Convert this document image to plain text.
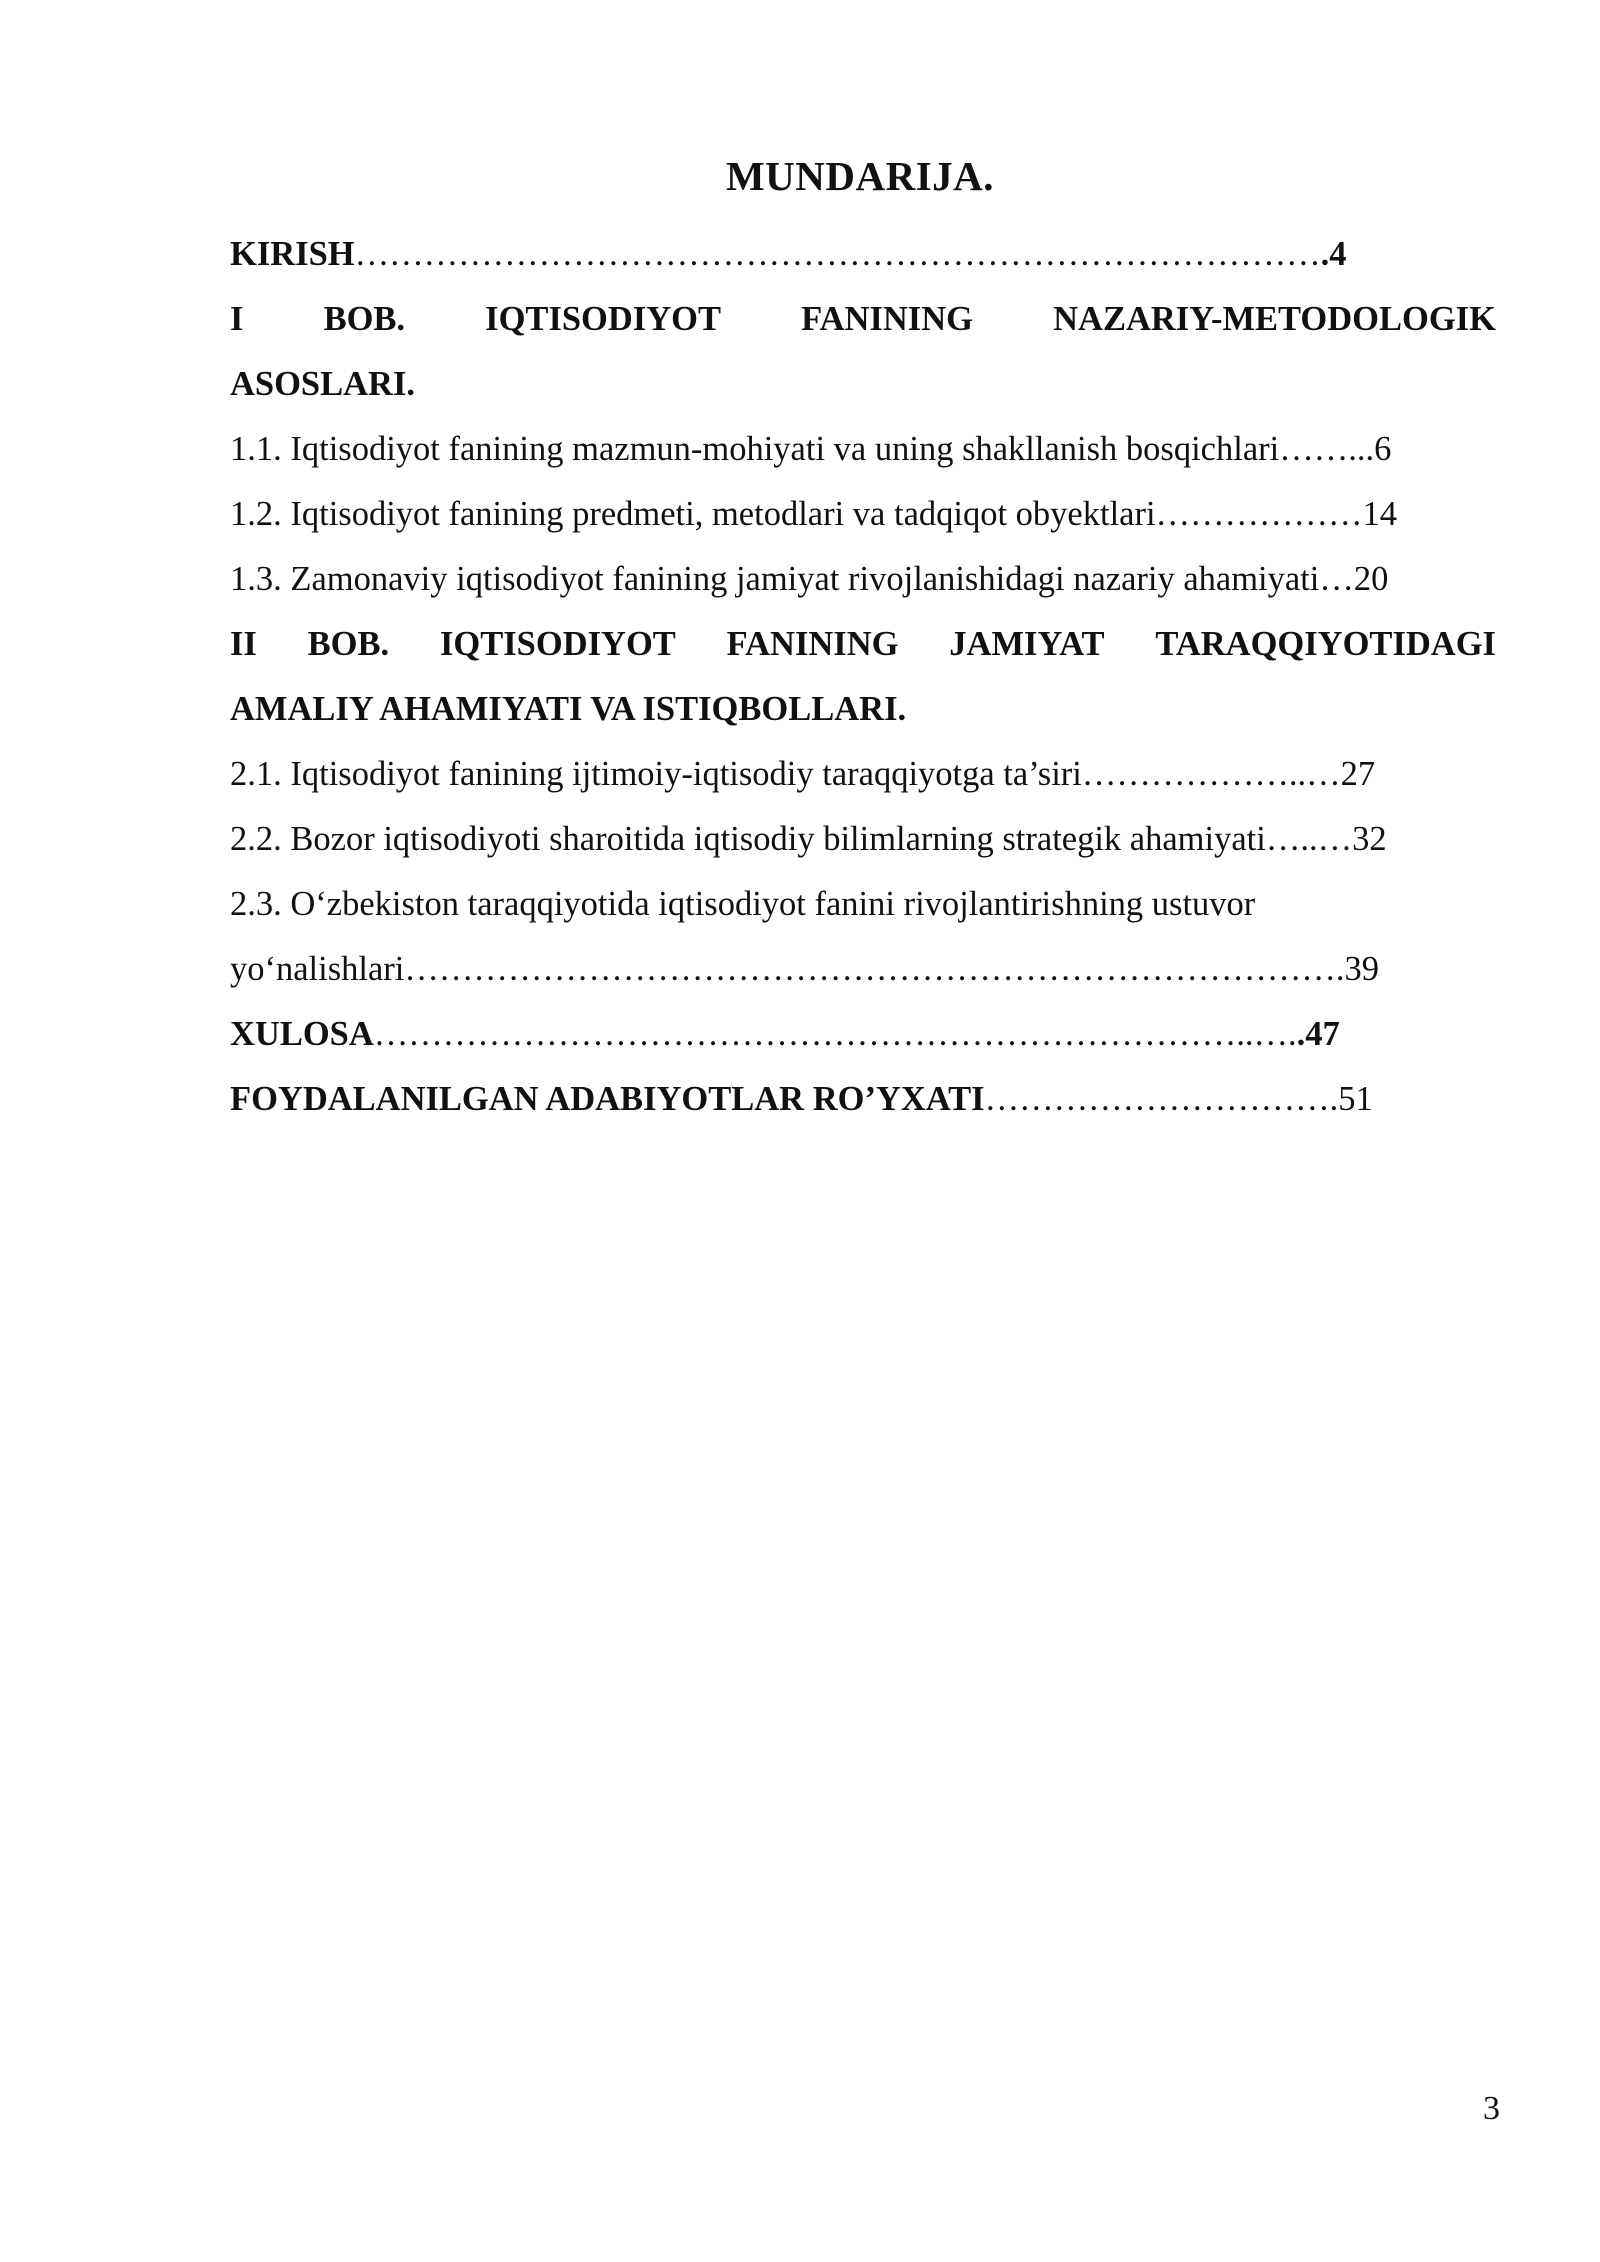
MUNDARIJA.
KIRISH………………………………………………………………………….4
I BOB. IQTISODIYOT FANINING NAZARIY-METODOLOGIK
ASOSLARI.
1.1. Iqtisodiyot fanining mazmun-mohiyati va uning shakllanish bosqichlari……...6
1.2. Iqtisodiyot fanining predmeti, metodlari va tadqiqot obyektlari………………14
1.3. Zamonaviy iqtisodiyot fanining jamiyat rivojlanishidagi nazariy ahamiyati…20
II BOB. IQTISODIYOT FANINING JAMIYAT TARAQQIYOTIDAGI
AMALIY AHAMIYATI VA ISTIQBOLLARI.
2.1. Iqtisodiyot fanining ijtimoiy-iqtisodiy taraqqiyotga ta’siri………………..…27
2.2. Bozor iqtisodiyoti sharoitida iqtisodiy bilimlarning strategik ahamiyati…..…32
2.3. O‘zbekiston taraqqiyotida iqtisodiyot fanini rivojlantirishning ustuvor
yo‘nalishlari……………………………………………………………………….39
XULOSA…………………………………………………………………..…..47
FOYDALANILGAN ADABIYOTLAR RO’YXATI………………………….51
3
